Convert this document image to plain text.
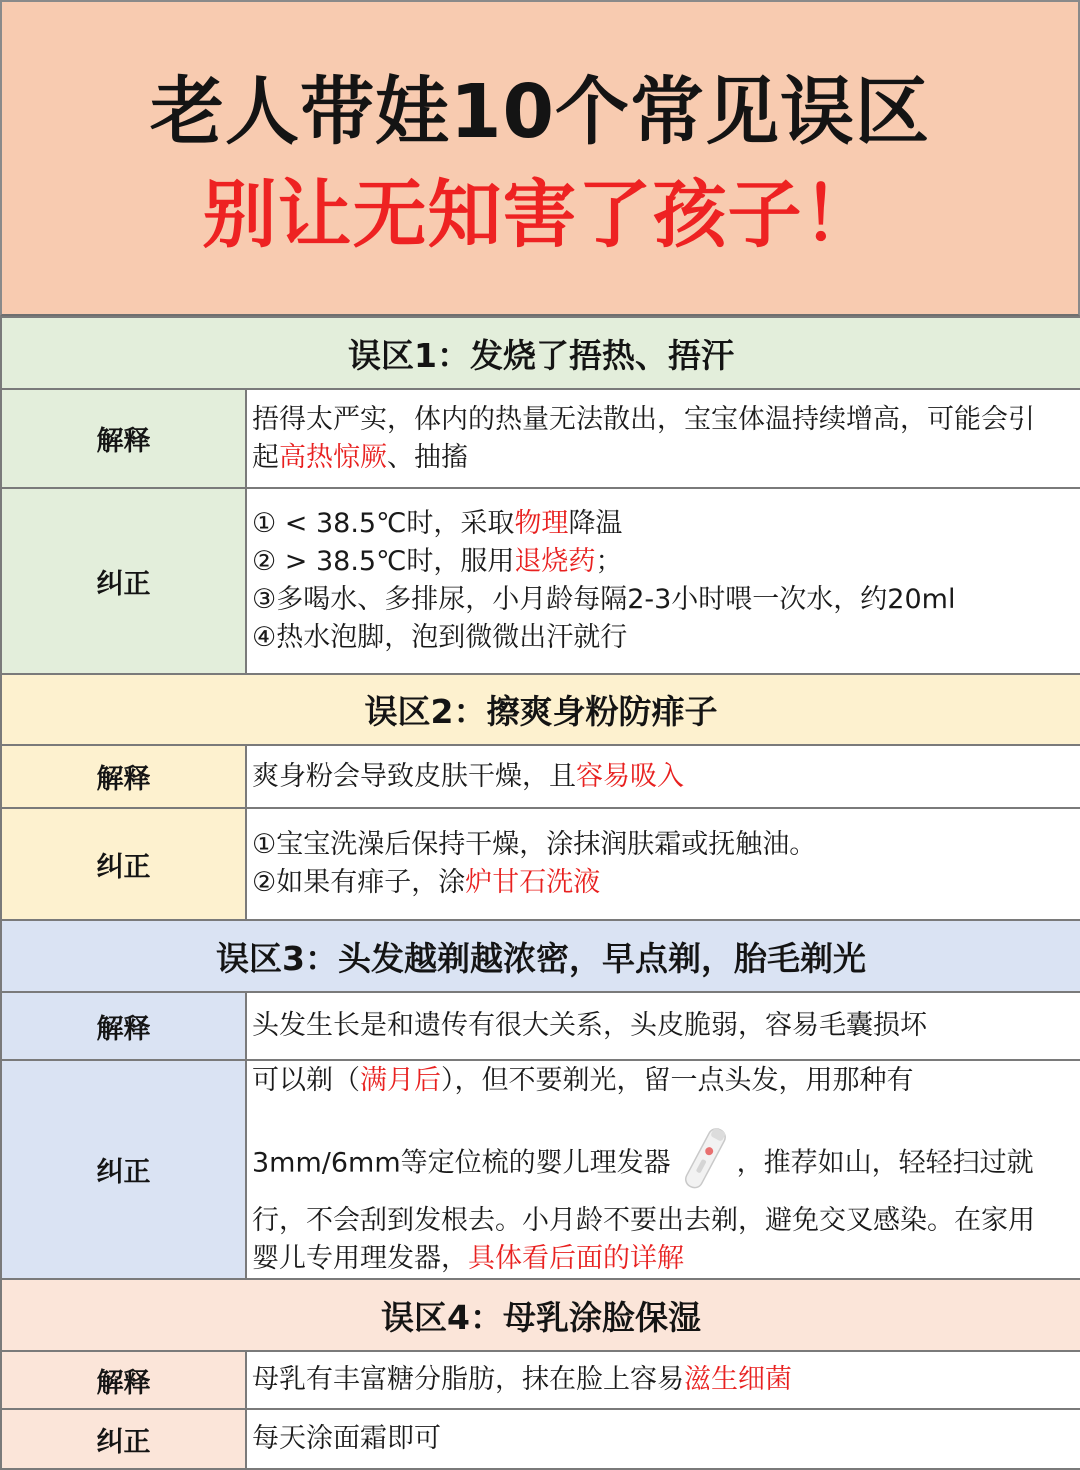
老人带娃10个常见误区
别让无知害了孩子！
误区1：发烧了捂热、捂汗	
解释	捂得太严实，体内的热量无法散出，宝宝体温持续增高，可能会引
起高热惊厥、抽搐

纠正	① < 38.5℃时，采取物理降温
② > 38.5℃时，服用退烧药；
③多喝水、多排尿，小月龄每隔2-3小时喂一次水，约20ml
④热水泡脚，泡到微微出汗就行

误区2：擦爽身粉防痱子	
解释	爽身粉会导致皮肤干燥，且容易吸入

纠正	①宝宝洗澡后保持干燥，涂抹润肤霜或抚触油。
②如果有痱子，涂炉甘石洗液

误区3：头发越剃越浓密，早点剃，胎毛剃光	
解释	头发生长是和遗传有很大关系，头皮脆弱，容易毛囊损坏

纠正	可以剃（满月后），但不要剃光，留一点头发，用那种有
3mm/6mm等定位梳的婴儿理发器 ，推荐如山，轻轻扫过就
行，不会刮到发根去。小月龄不要出去剃，避免交叉感染。在家用
婴儿专用理发器，具体看后面的详解

误区4：母乳涂脸保湿	
解释	母乳有丰富糖分脂肪，抹在脸上容易滋生细菌

纠正	每天涂面霜即可
